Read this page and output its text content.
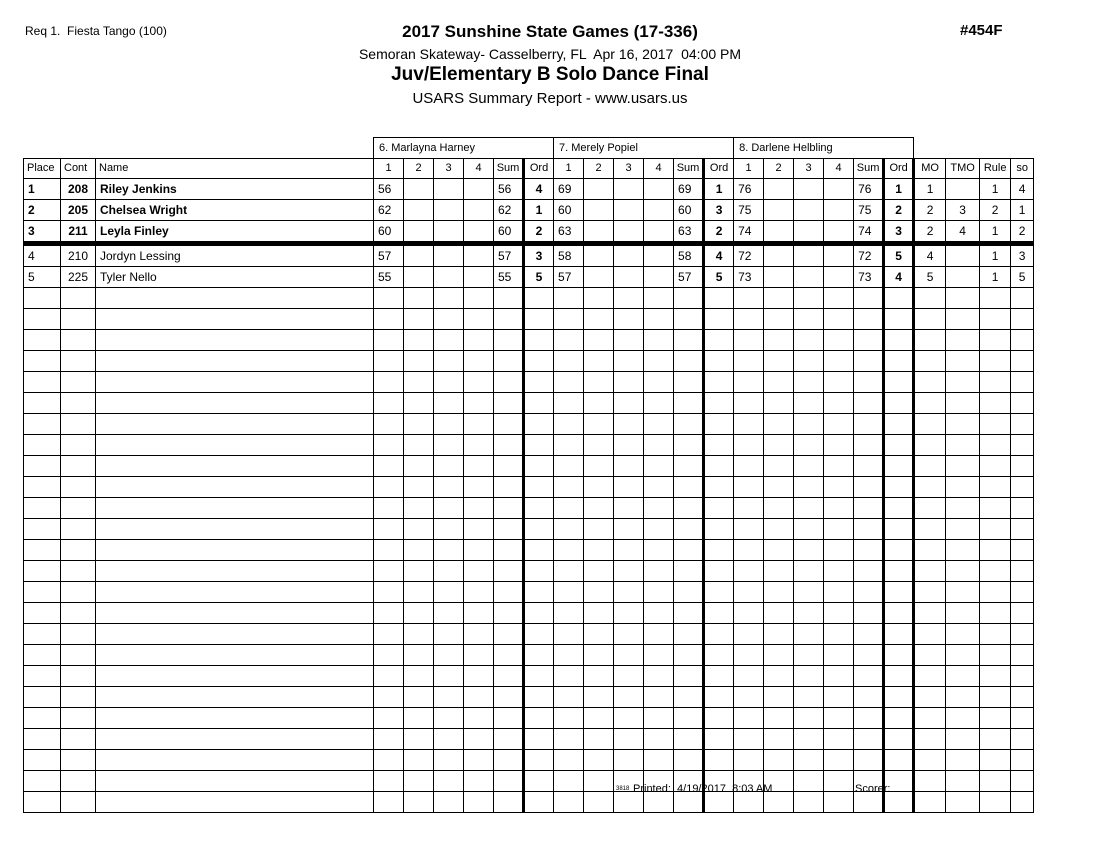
Req 1.  Fiesta Tango (100)	#454F
2017 Sunshine State Games (17-336)
Semoran Skateway- Casselberry, FL  Apr 16, 2017  04:00 PM
Juv/Elementary B Solo Dance Final
USARS Summary Report - www.usars.us
			6. Marlayna Harney						7. Merely Popiel						8. Darlene Helbling									
Place	Cont	Name	1	2	3	4	Sum	Ord	1	2	3	4	Sum	Ord	1	2	3	4	Sum	Ord	MO	TMO	Rule	so
1	208	Riley Jenkins	56				56	4	69				69	1	76				76	1	1		1	4
2	205	Chelsea Wright	62				62	1	60				60	3	75				75	2	2	3	2	1
3	211	Leyla Finley	60				60	2	63				63	2	74				74	3	2	4	1	2
4	210	Jordyn Lessing	57				57	3	58				58	4	72				72	5	4		1	3
5	225	Tyler Nello	55				55	5	57				57	5	73				73	4	5		1	5

3818 Printed:  4/19/2017  8:03 AM	Scorer:
